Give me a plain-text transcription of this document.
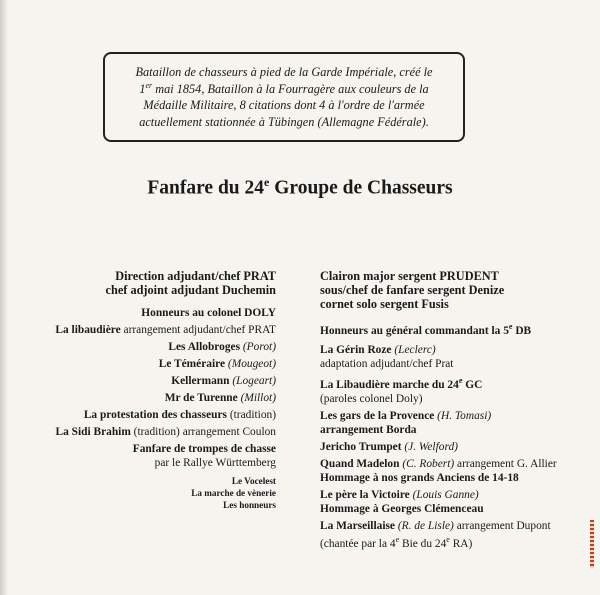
Bataillon de chasseurs à pied de la Garde Impériale, créé le
1er mai 1854, Bataillon à la Fourragère aux couleurs de la
Médaille Militaire, 8 citations dont 4 à l'ordre de l'armée
actuellement stationnée à Tübingen (Allemagne Fédérale).
Fanfare du 24e Groupe de Chasseurs
Direction adjudant/chef PRAT
chef adjoint adjudant Duchemin
Honneurs au colonel DOLY
La libaudière arrangement adjudant/chef PRAT
Les Allobroges (Porot)
Le Téméraire (Mougeot)
Kellermann (Logeart)
Mr de Turenne (Millot)
La protestation des chasseurs (tradition)
La Sidi Brahim (tradition) arrangement Coulon
Fanfare de trompes de chasse
par le Rallye Württemberg
Le Vocelest
La marche de vènerie
Les honneurs
Clairon major sergent PRUDENT
sous/chef de fanfare sergent Denize
cornet solo sergent Fusis
Honneurs au général commandant la 5e DB
La Gérin Roze (Leclerc)
adaptation adjudant/chef Prat
La Libaudière marche du 24e GC
(paroles colonel Doly)
Les gars de la Provence (H. Tomasi)
arrangement Borda
Jericho Trumpet (J. Welford)
Quand Madelon (C. Robert) arrangement G. Allier
Hommage à nos grands Anciens de 14-18
Le père la Victoire (Louis Ganne)
Hommage à Georges Clémenceau
La Marseillaise (R. de Lisle) arrangement Dupont
(chantée par la 4e Bie du 24e RA)
